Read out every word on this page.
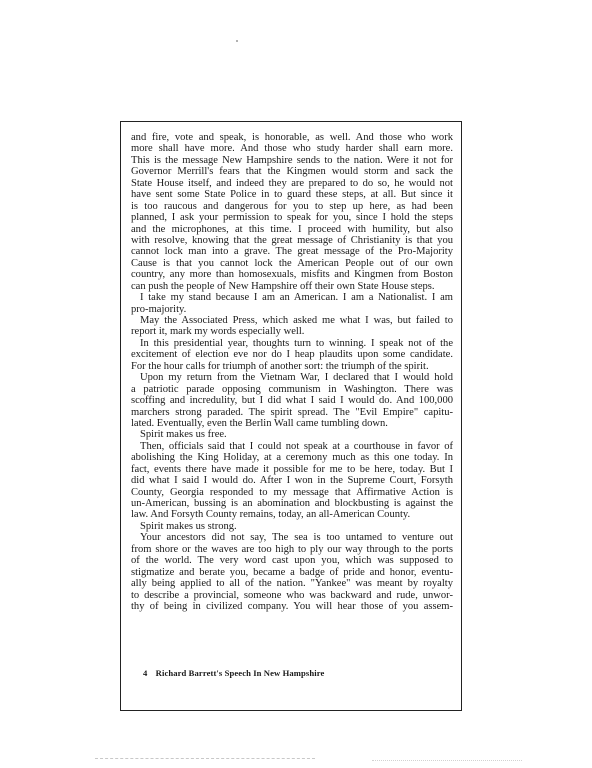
and fire, vote and speak, is honorable, as well. And those who work
more shall have more. And those who study harder shall earn more.
This is the message New Hampshire sends to the nation. Were it not for
Governor Merrill's fears that the Kingmen would storm and sack the
State House itself, and indeed they are prepared to do so, he would not
have sent some State Police in to guard these steps, at all. But since it
is too raucous and dangerous for you to step up here, as had been
planned, I ask your permission to speak for you, since I hold the steps
and the microphones, at this time. I proceed with humility, but also
with resolve, knowing that the great message of Christianity is that you
cannot lock man into a grave. The great message of the Pro-Majority
Cause is that you cannot lock the American People out of our own
country, any more than homosexuals, misfits and Kingmen from Boston
can push the people of New Hampshire off their own State House steps.
I take my stand because I am an American. I am a Nationalist. I am
pro-majority.
May the Associated Press, which asked me what I was, but failed to
report it, mark my words especially well.
In this presidential year, thoughts turn to winning. I speak not of the
excitement of election eve nor do I heap plaudits upon some candidate.
For the hour calls for triumph of another sort: the triumph of the spirit.
Upon my return from the Vietnam War, I declared that I would hold
a patriotic parade opposing communism in Washington. There was
scoffing and incredulity, but I did what I said I would do. And 100,000
marchers strong paraded. The spirit spread. The "Evil Empire" capitu-
lated. Eventually, even the Berlin Wall came tumbling down.
Spirit makes us free.
Then, officials said that I could not speak at a courthouse in favor of
abolishing the King Holiday, at a ceremony much as this one today. In
fact, events there have made it possible for me to be here, today. But I
did what I said I would do. After I won in the Supreme Court, Forsyth
County, Georgia responded to my message that Affirmative Action is
un-American, bussing is an abomination and blockbusting is against the
law. And Forsyth County remains, today, an all-American County.
Spirit makes us strong.
Your ancestors did not say, The sea is too untamed to venture out
from shore or the waves are too high to ply our way through to the ports
of the world. The very word cast upon you, which was supposed to
stigmatize and berate you, became a badge of pride and honor, eventu-
ally being applied to all of the nation. "Yankee" was meant by royalty
to describe a provincial, someone who was backward and rude, unwor-
thy of being in civilized company. You will hear those of you assem-
4 Richard Barrett's Speech In New Hampshire
